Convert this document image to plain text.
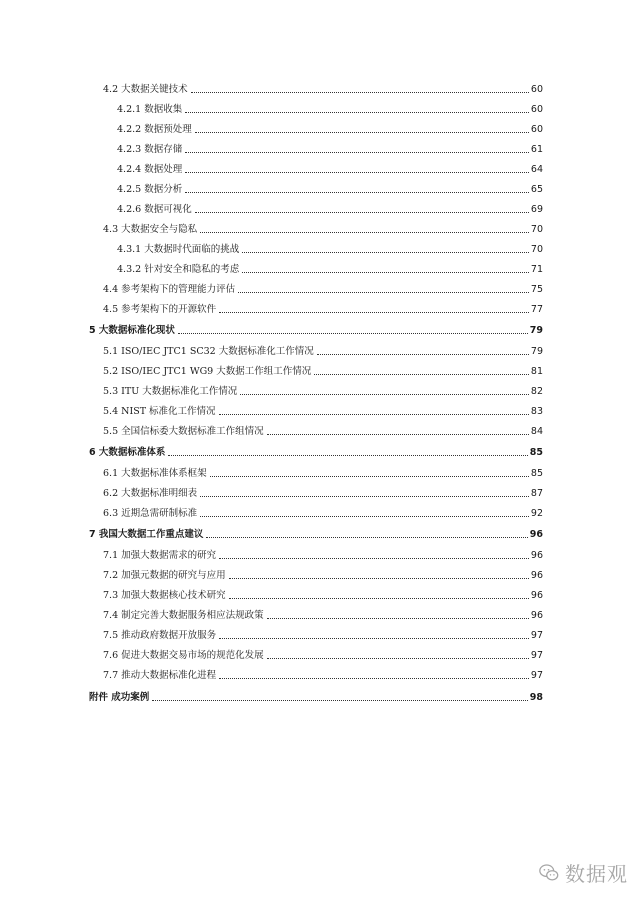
4.2 大数据关键技术	60
4.2.1 数据收集	60
4.2.2 数据预处理	60
4.2.3 数据存储	61
4.2.4 数据处理	64
4.2.5 数据分析	65
4.2.6 数据可视化	69
4.3 大数据安全与隐私	70
4.3.1 大数据时代面临的挑战	70
4.3.2 针对安全和隐私的考虑	71
4.4 参考架构下的管理能力评估	75
4.5 参考架构下的开源软件	77
5 大数据标准化现状	79
5.1 ISO/IEC JTC1 SC32 大数据标准化工作情况	79
5.2 ISO/IEC JTC1 WG9 大数据工作组工作情况	81
5.3 ITU 大数据标准化工作情况	82
5.4 NIST 标准化工作情况	83
5.5 全国信标委大数据标准工作组情况	84
6 大数据标准体系	85
6.1 大数据标准体系框架	85
6.2 大数据标准明细表	87
6.3 近期急需研制标准	92
7 我国大数据工作重点建议	96
7.1 加强大数据需求的研究	96
7.2 加强元数据的研究与应用	96
7.3 加强大数据核心技术研究	96
7.4 制定完善大数据服务相应法规政策	96
7.5 推动政府数据开放服务	97
7.6 促进大数据交易市场的规范化发展	97
7.7 推动大数据标准化进程	97
附件 成功案例	98
数据观
